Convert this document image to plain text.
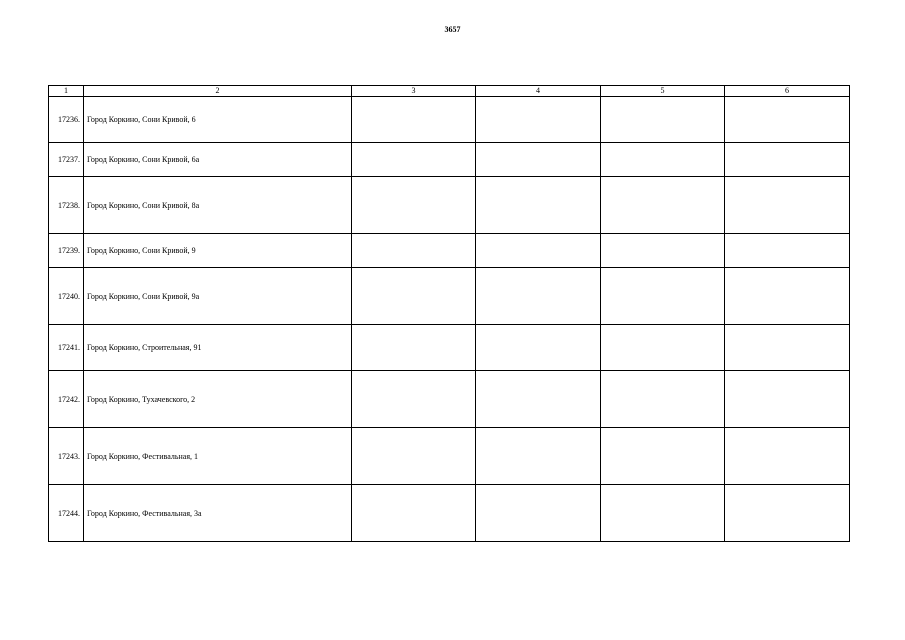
3657
1	2	3	4	5	6
17236.	Город Коркино, Сони Кривой, 6				
17237.	Город Коркино, Сони Кривой, 6а				
17238.	Город Коркино, Сони Кривой, 8а				
17239.	Город Коркино, Сони Кривой, 9				
17240.	Город Коркино, Сони Кривой, 9а				
17241.	Город Коркино, Строительная, 91				
17242.	Город Коркино, Тухачевского, 2				
17243.	Город Коркино, Фестивальная, 1				
17244.	Город Коркино, Фестивальная, 3а				
